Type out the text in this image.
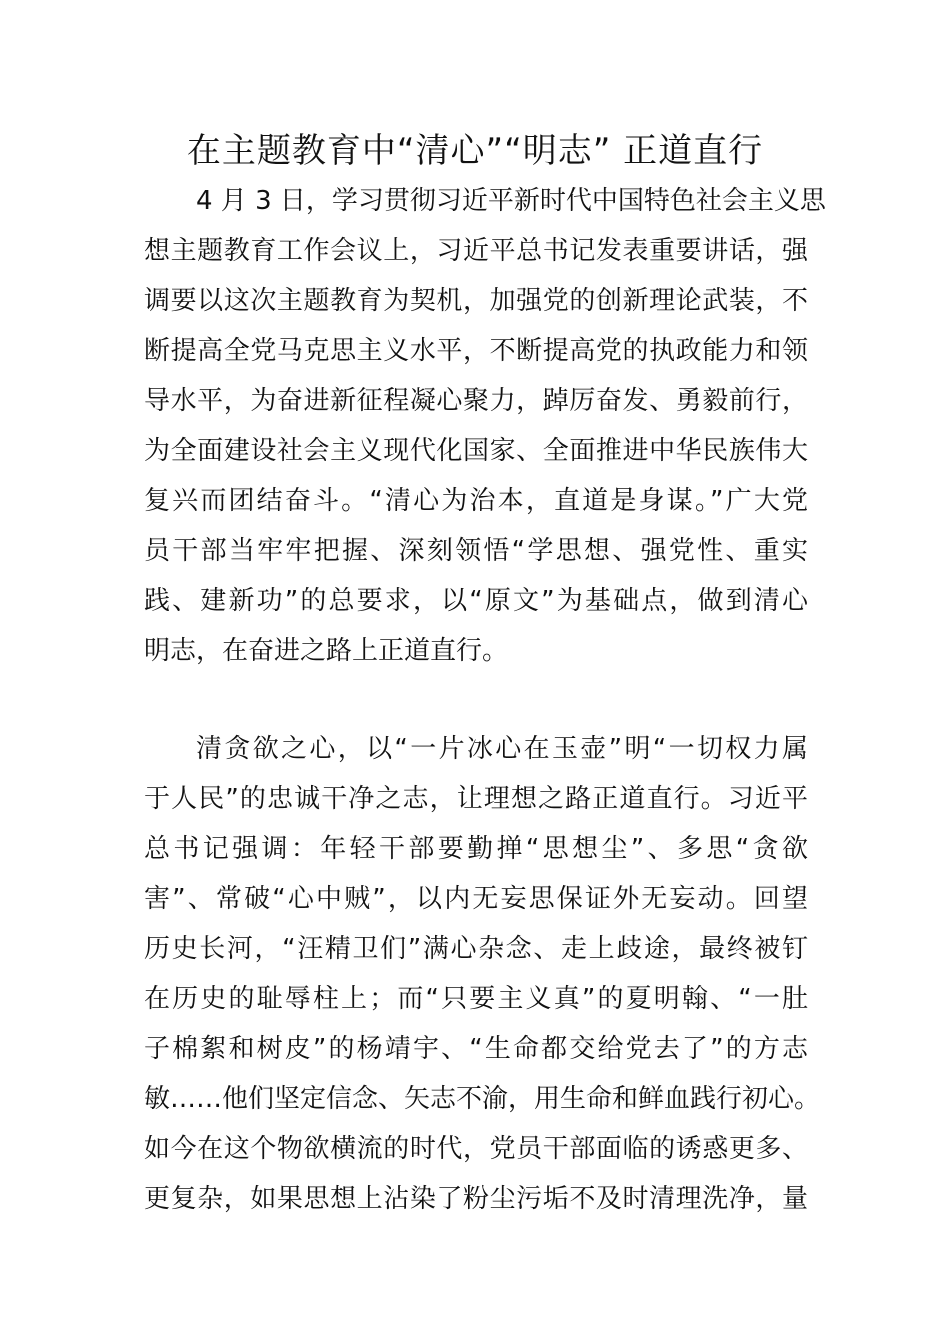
在主题教育中“清心”“明志” 正道直行
4 月 3 日，学习贯彻习近平新时代中国特色社会主义思
想主题教育工作会议上，习近平总书记发表重要讲话，强
调要以这次主题教育为契机，加强党的创新理论武装，不
断提高全党马克思主义水平，不断提高党的执政能力和领
导水平，为奋进新征程凝心聚力，踔厉奋发、勇毅前行，
为全面建设社会主义现代化国家、全面推进中华民族伟大
复兴而团结奋斗。“清心为治本，直道是身谋。”广大党
员干部当牢牢把握、深刻领悟“学思想、强党性、重实
践、建新功”的总要求，以“原文”为基础点，做到清心
明志，在奋进之路上正道直行。
清贪欲之心，以“一片冰心在玉壶”明“一切权力属
于人民”的忠诚干净之志，让理想之路正道直行。习近平
总书记强调：年轻干部要勤掸“思想尘”、多思“贪欲
害”、常破“心中贼”，以内无妄思保证外无妄动。回望
历史长河，“汪精卫们”满心杂念、走上歧途，最终被钉
在历史的耻辱柱上；而“只要主义真”的夏明翰、“一肚
子棉絮和树皮”的杨靖宇、“生命都交给党去了”的方志
敏……他们坚定信念、矢志不渝，用生命和鲜血践行初心。
如今在这个物欲横流的时代，党员干部面临的诱惑更多、
更复杂，如果思想上沾染了粉尘污垢不及时清理洗净，量
